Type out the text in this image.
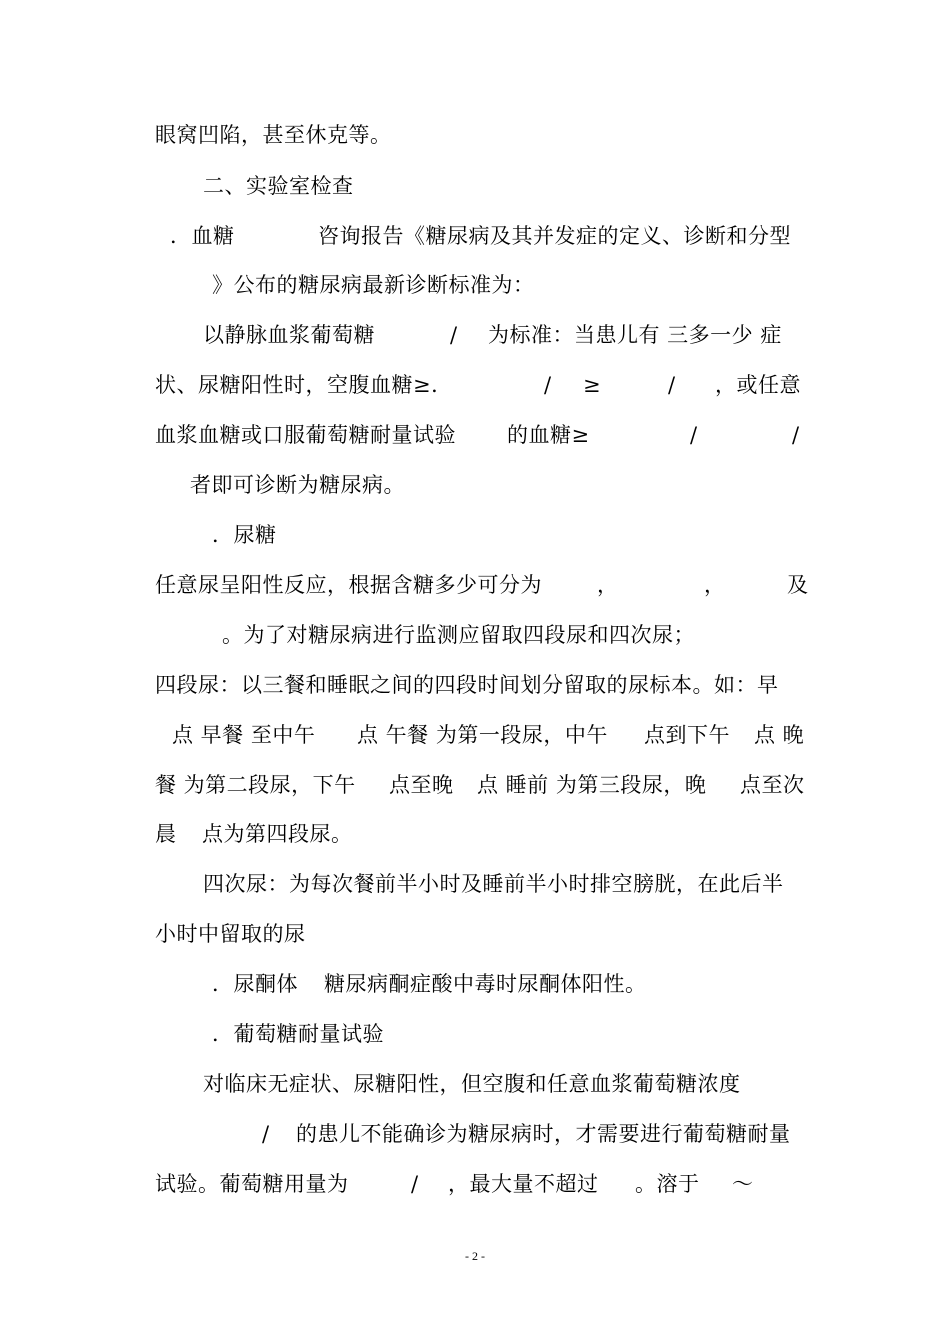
眼窝凹陷，甚至休克等。
二、实验室检查
．血糖	咨询报告《糖尿病及其并发症的定义、诊断和分型
》公布的糖尿病最新诊断标准为：
以静脉血浆葡萄糖	/ 为标准：当患儿有 三多一少 症
状、尿糖阳性时，空腹血糖≥．	/ ≥	/ ，或任意
血浆血糖或口服葡萄糖耐量试验 的血糖≥	/	/
者即可诊断为糖尿病。
．尿糖
任意尿呈阳性反应，根据含糖多少可分为	，	，	及
。为了对糖尿病进行监测应留取四段尿和四次尿；
四段尿：以三餐和睡眠之间的四段时间划分留取的尿标本。如：早
点 早餐 至中午 点 午餐 为第一段尿，中午 点到下午 点 晚
餐 为第二段尿，下午 点至晚 点 睡前 为第三段尿，晚 点至次
晨 点为第四段尿。
四次尿：为每次餐前半小时及睡前半小时排空膀胱，在此后半
小时中留取的尿
．尿酮体 糖尿病酮症酸中毒时尿酮体阳性。
．葡萄糖耐量试验
对临床无症状、尿糖阳性，但空腹和任意血浆葡萄糖浓度
/ 的患儿不能确诊为糖尿病时，才需要进行葡萄糖耐量
试验。葡萄糖用量为	/ ，最大量不超过 。溶于 ～
- 2 -
